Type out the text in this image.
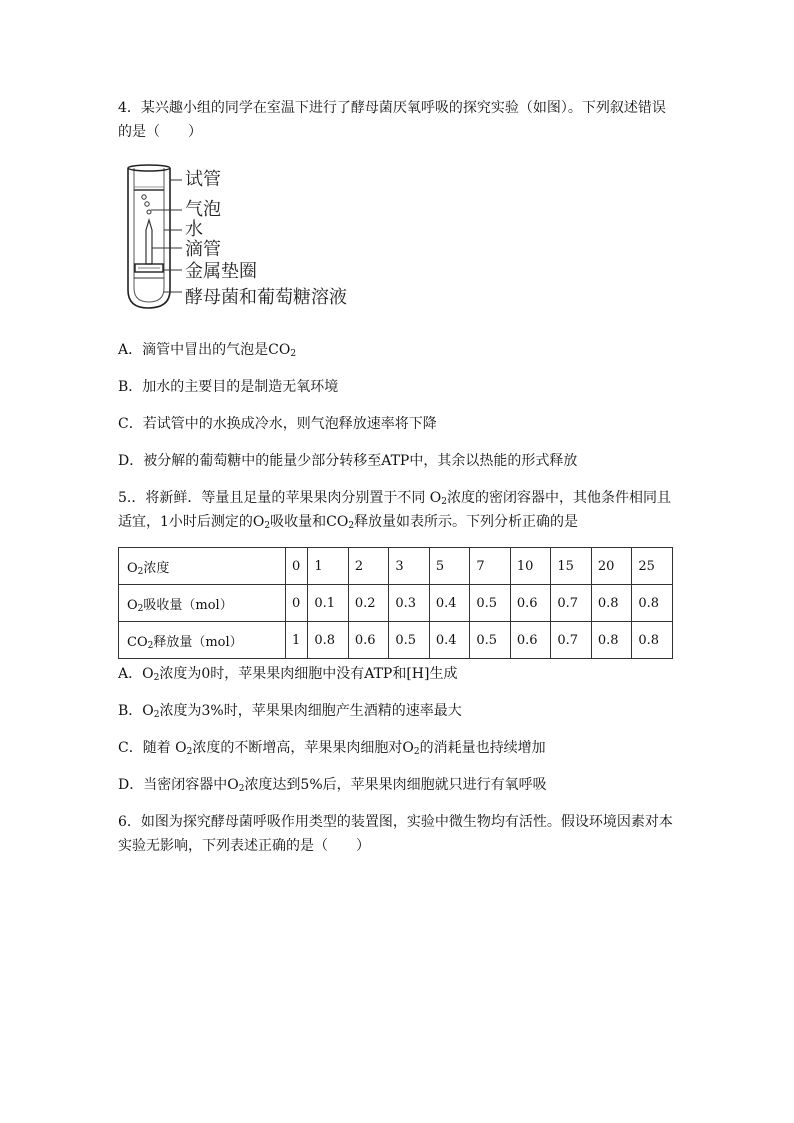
4．某兴趣小组的同学在室温下进行了酵母菌厌氧呼吸的探究实验（如图）。下列叙述错误的是（　　）
试管
气泡
水
滴管
金属垫圈
酵母菌和葡萄糖溶液
A．滴管中冒出的气泡是$CO_2$
B．加水的主要目的是制造无氧环境
C．若试管中的水换成冷水，则气泡释放速率将下降
D．被分解的葡萄糖中的能量少部分转移至ATP中，其余以热能的形式释放
5.．将新鲜．等量且足量的苹果果肉分别置于不同 $O_2$浓度的密闭容器中，其他条件相同且适宜，1小时后测定的$O_2$吸收量和$CO_2$释放量如表所示。下列分析正确的是
$O_2$浓度	0	1	2	3	5	7	10	15	20	25
$O_2$吸收量（mol）	0	0.1	0.2	0.3	0.4	0.5	0.6	0.7	0.8	0.8
$CO_2$释放量（mol）	1	0.8	0.6	0.5	0.4	0.5	0.6	0.7	0.8	0.8
A．$O_2$浓度为0时，苹果果肉细胞中没有ATP和[H]生成
B．$O_2$浓度为3%时，苹果果肉细胞产生酒精的速率最大
C．随着 $O_2$浓度的不断增高，苹果果肉细胞对$O_2$的消耗量也持续增加
D．当密闭容器中$O_2$浓度达到5%后，苹果果肉细胞就只进行有氧呼吸
6．如图为探究酵母菌呼吸作用类型的装置图，实验中微生物均有活性。假设环境因素对本实验无影响，下列表述正确的是（　　）
